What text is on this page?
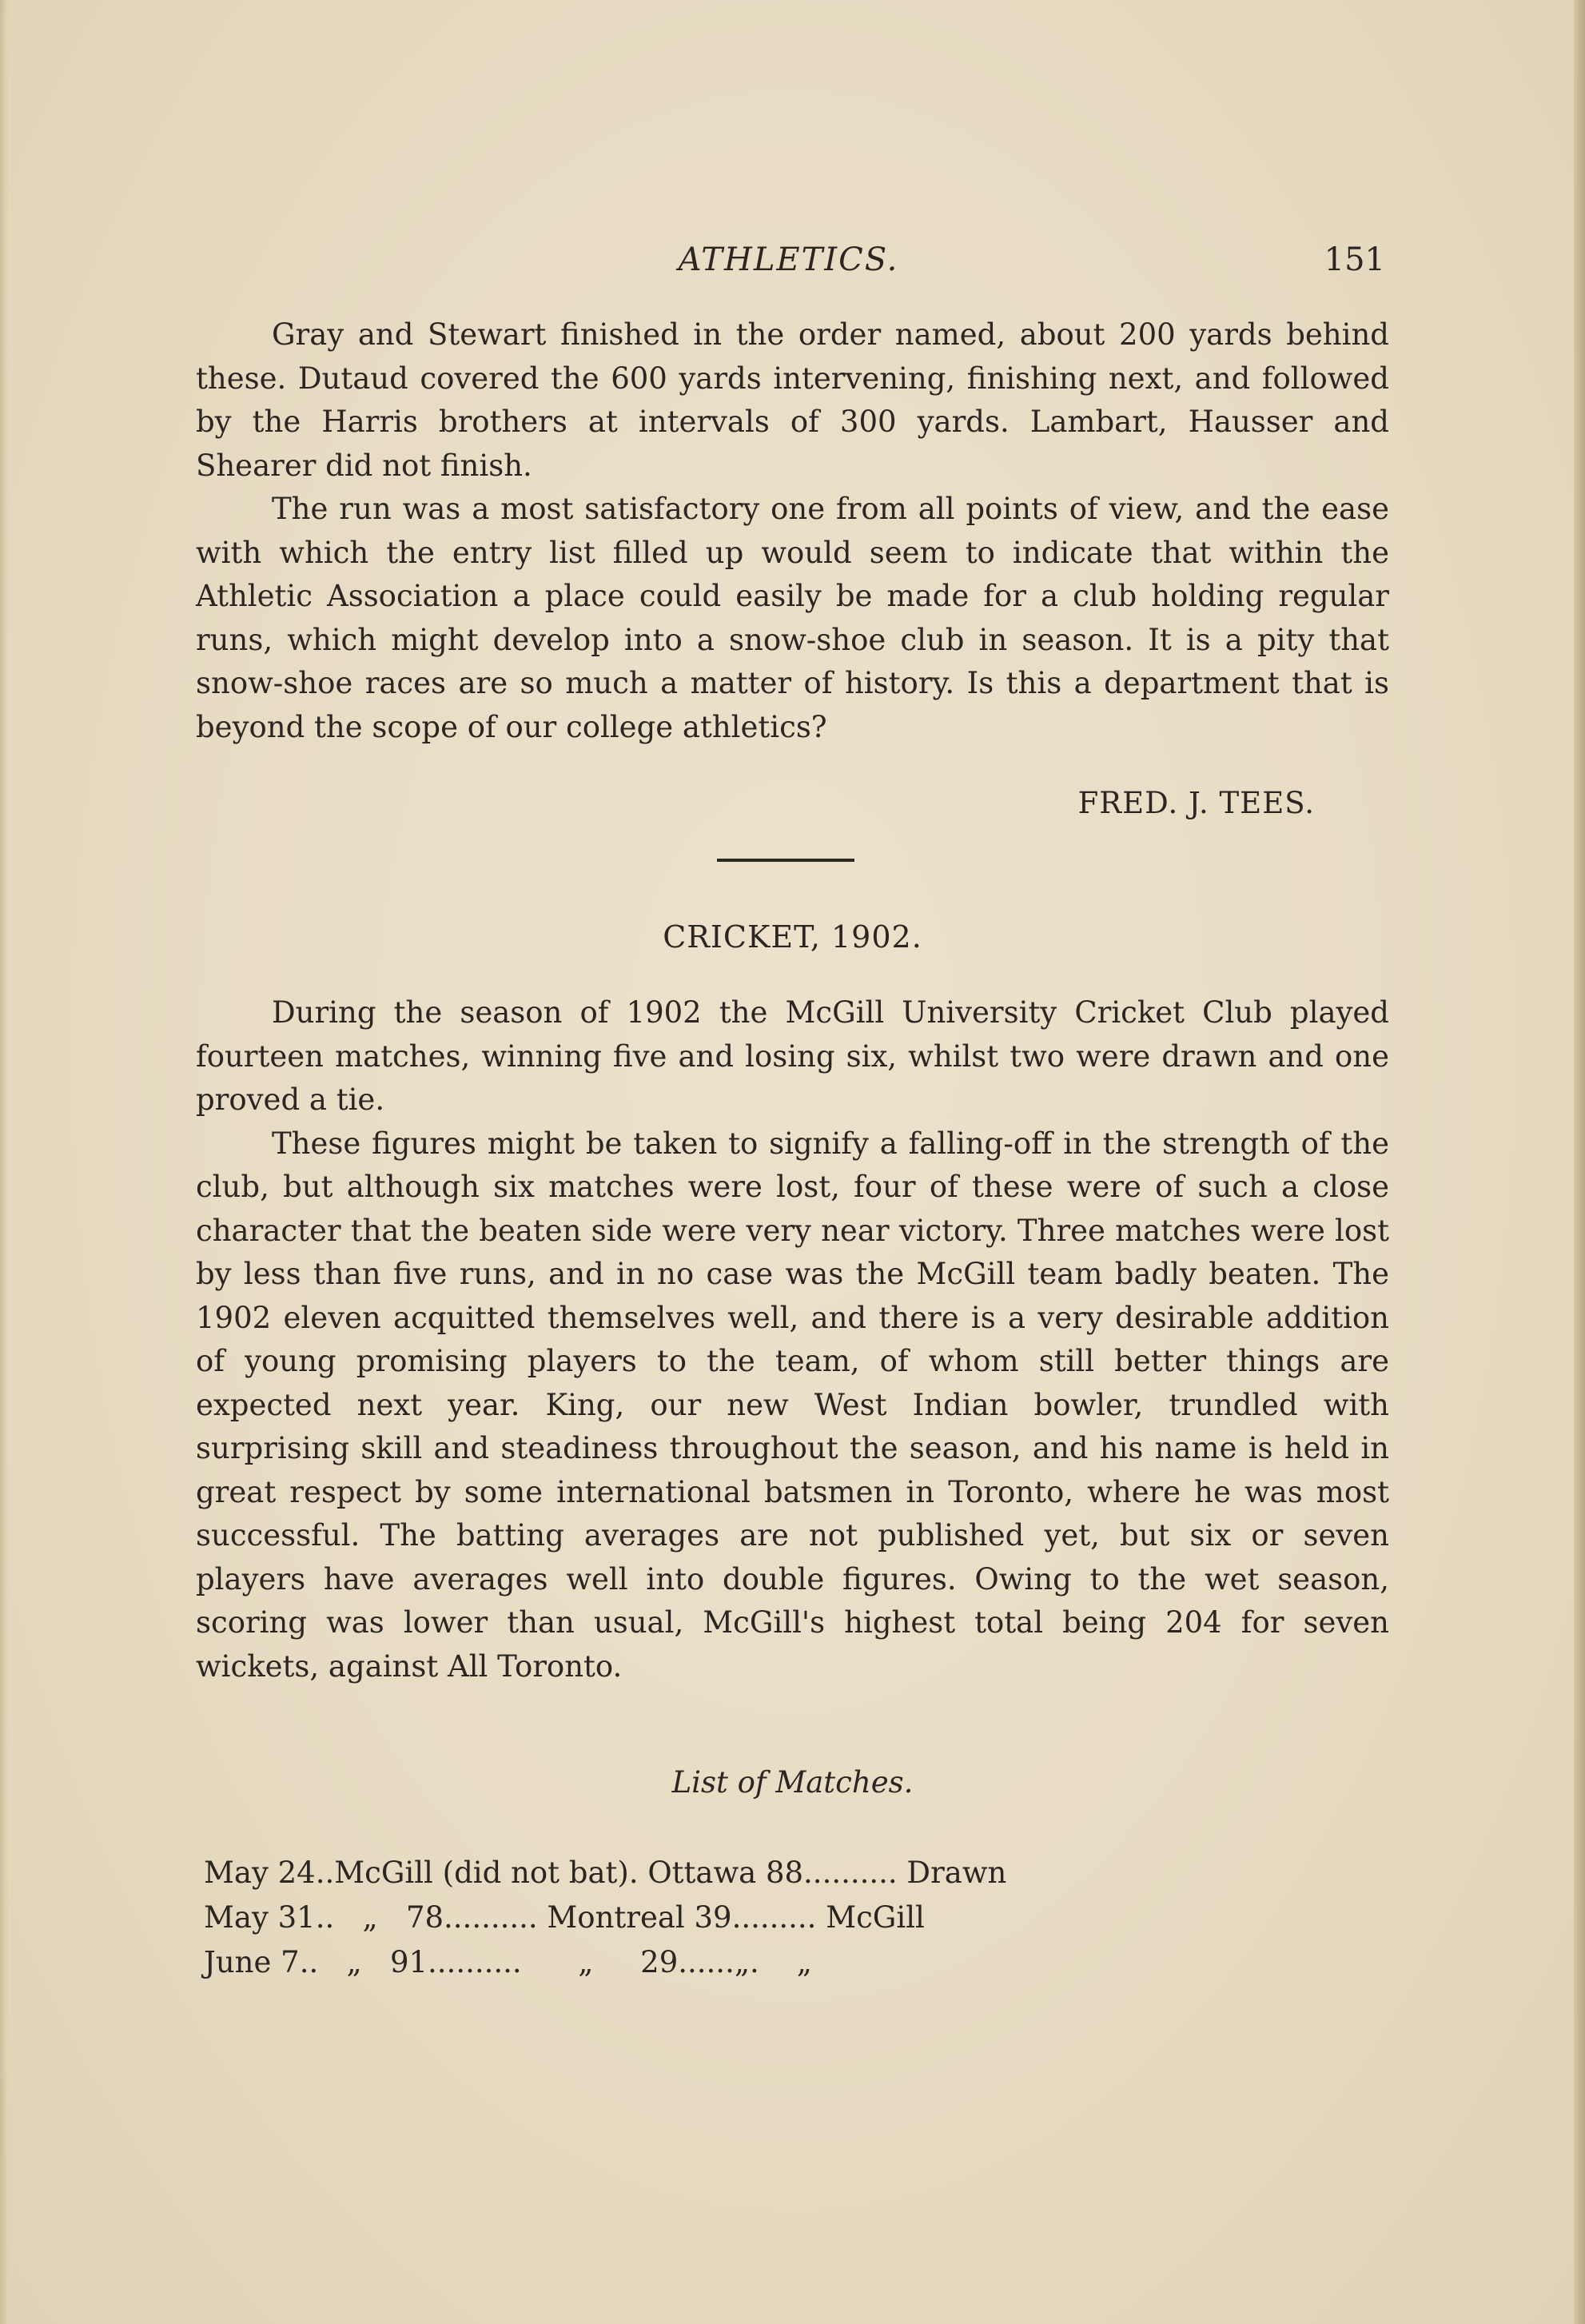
ATHLETICS.	151

Gray and Stewart finished in the order named, about 200 yards behind these. Dutaud covered the 600 yards intervening, finishing next, and followed by the Harris brothers at intervals of 300 yards. Lambart, Hausser and Shearer did not finish.

The run was a most satisfactory one from all points of view, and the ease with which the entry list filled up would seem to indicate that within the Athletic Association a place could easily be made for a club holding regular runs, which might develop into a snow-shoe club in season. It is a pity that snow-shoe races are so much a matter of history. Is this a department that is beyond the scope of our college athletics?

FRED. J. TEES.
CRICKET, 1902.

During the season of 1902 the McGill University Cricket Club played fourteen matches, winning five and losing six, whilst two were drawn and one proved a tie.

These figures might be taken to signify a falling-off in the strength of the club, but although six matches were lost, four of these were of such a close character that the beaten side were very near victory. Three matches were lost by less than five runs, and in no case was the McGill team badly beaten. The 1902 eleven acquitted themselves well, and there is a very desirable addition of young promising players to the team, of whom still better things are expected next year. King, our new West Indian bowler, trundled with surprising skill and steadiness throughout the season, and his name is held in great respect by some international batsmen in Toronto, where he was most successful. The batting averages are not published yet, but six or seven players have averages well into double figures. Owing to the wet season, scoring was lower than usual, McGill's highest total being 204 for seven wickets, against All Toronto.

List of Matches.
May 24..McGill (did not bat). Ottawa 88.......... Drawn
May 31..   „   78.......... Montreal 39......... McGill
June 7..   „   91..........      „     29......„.    „
